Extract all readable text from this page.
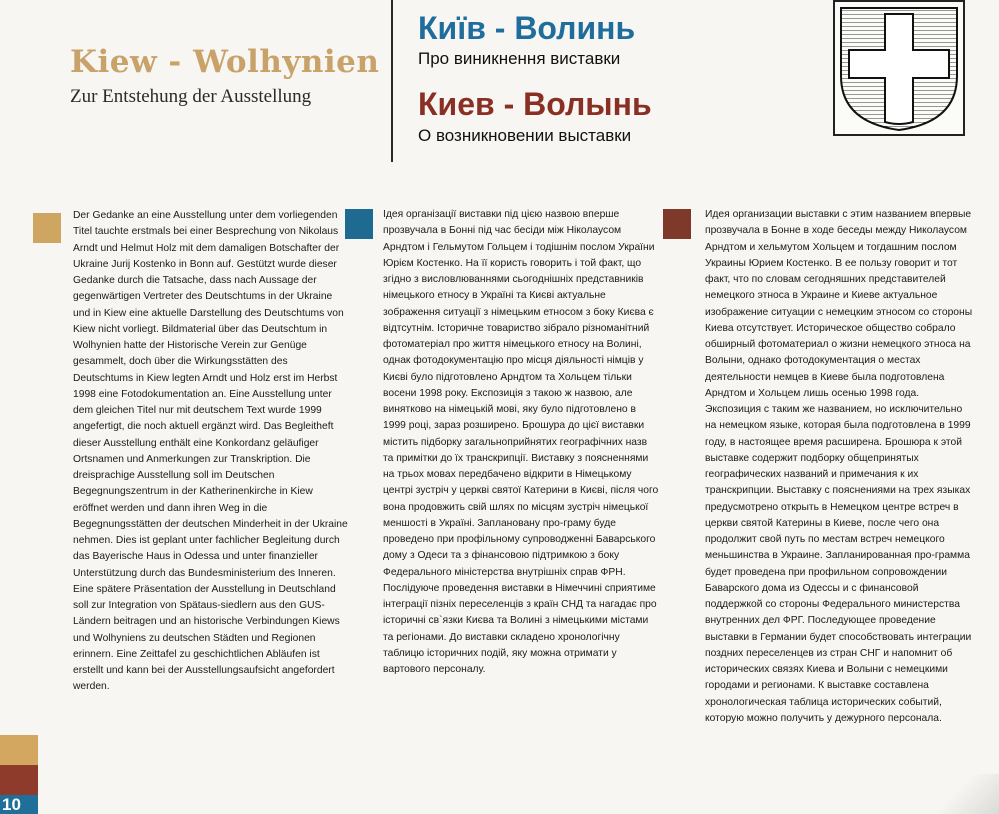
Kiew - Wolhynien

Zur Entstehung der Ausstellung

Київ - Волинь

Про виникнення виставки

Киев - Волынь

О возникновении выставки

Der Gedanke an eine Ausstellung unter dem vorliegenden Titel tauchte erstmals bei einer Besprechung von Nikolaus Arndt und Helmut Holz mit dem damaligen Botschafter der Ukraine Jurij Kostenko in Bonn auf. Gestützt wurde dieser Gedanke durch die Tatsache, dass nach Aussage der gegenwärtigen Vertreter des Deutschtums in der Ukraine und in Kiew eine aktuelle Darstellung des Deutschtums von Kiew nicht vorliegt. Bildmaterial über das Deutschtum in Wolhynien hatte der Historische Verein zur Genüge gesammelt, doch über die Wirkungsstätten des Deutschtums in Kiew legten Arndt und Holz erst im Herbst 1998 eine Fotodokumentation an. Eine Ausstellung unter dem gleichen Titel nur mit deutschem Text wurde 1999 angefertigt, die noch aktuell ergänzt wird. Das Begleitheft dieser Ausstellung enthält eine Konkordanz geläufiger Ortsnamen und Anmerkungen zur Transkription. Die dreisprachige Ausstellung soll im Deutschen Begegnungszentrum in der Katherinenkirche in Kiew eröffnet werden und dann ihren Weg in die Begegnungsstätten der deutschen Minderheit in der Ukraine nehmen. Dies ist geplant unter fachlicher Begleitung durch das Bayerische Haus in Odessa und unter finanzieller Unterstützung durch das Bundesministerium des Inneren. Eine spätere Präsentation der Ausstellung in Deutschland soll zur Integration von Spätaus-siedlern aus den GUS-Ländern beitragen und an historische Verbindungen Kiews und Wolhyniens zu deutschen Städten und Regionen erinnern. Eine Zeittafel zu geschichtlichen Abläufen ist erstellt und kann bei der Ausstellungsaufsicht angefordert werden.

Ідея організації виставки під цією назвою вперше прозвучала в Бонні під час бесіди між Ніколаусом Арндтом і Гельмутом Гольцем і тодішнім послом України Юрієм Костенко. На її користь говорить і той факт, що згідно з висловлюваннями сьогоднішніх представників німецького етносу в Україні та Києві актуальне зображення ситуації з німецьким етносом з боку Києва є відтсутнім. Історичне товариство зібрало різноманітний фотоматеріал про життя німецького етносу на Волині, однак фотодокументацію про місця діяльності німців у Києві було підготовлено Арндтом та Хольцем тільки восени 1998 року. Експозиція з такою ж назвою, але винятково на німецькій мові, яку було підготовлено в 1999 році, зараз розширено. Брошура до цієї виставки містить підборку загальноприйнятих географічних назв та примітки до їх транскрипції. Виставку з поясненнями на трьох мовах передбачено відкрити в Німецькому центрі зустріч у церкві святої Катерини в Києві, після чого вона продовжить свій шлях по місцям зустріч німецької меншості в Україні. Заплановану про-граму буде проведено при профільному супроводженні Баварського дому з Одеси та з фінансовою підтримкою з боку Федерального міністерства внутрішніх справ ФРН. Послідуюче проведення виставки в Німеччині сприятиме інтеграції пізніх переселенців з країн СНД та нагадає про історичні св`язки Києва та Волині з німецькими містами та регіонами. До виставки складено хронологічну таблицю історичних подій, яку можна отримати у вартового персоналу.

Идея организации выставки с этим названием впервые прозвучала в Бонне в ходе беседы между Николаусом Арндтом и хельмутом Хольцем и тогдашним послом Украины Юрием Костенко. В ее пользу говорит и тот факт, что по словам сегодняшних представителей немецкого этноса в Украине и Киеве актуальное изображение ситуации с немецким этносом со стороны Киева отсутствует. Историческое общество собрало обширный фотоматериал о жизни немецкого этноса на Волыни, однако фотодокументация о местах деятельности немцев в Киеве была подготовлена Арндтом и Хольцем лишь осенью 1998 года. Экспозиция с таким же названием, но исключительно на немецком языке, которая была подготовлена в 1999 году, в настоящее время расширена. Брошюра к этой выставке содержит подборку общепринятых географических названий и примечания к их транскрипции. Выставку с пояснениями на трех языках предусмотрено открыть в Немецком центре встреч в церкви святой Катерины в Киеве, после чего она продолжит свой путь по местам встреч немецкого меньшинства в Украине. Запланированная про-грамма будет проведена при профильном сопровождении Баварского дома из Одессы и с финансовой поддержкой со стороны Федерального министерства внутренних дел ФРГ. Последующее проведение выставки в Германии будет способствовать интеграции поздних переселенцев из стран СНГ и напомнит об исторических связях Киева и Волыни с немецкими городами и регионами. К выставке составлена хронологическая таблица исторических событий, которую можно получить у дежурного персонала.

10
